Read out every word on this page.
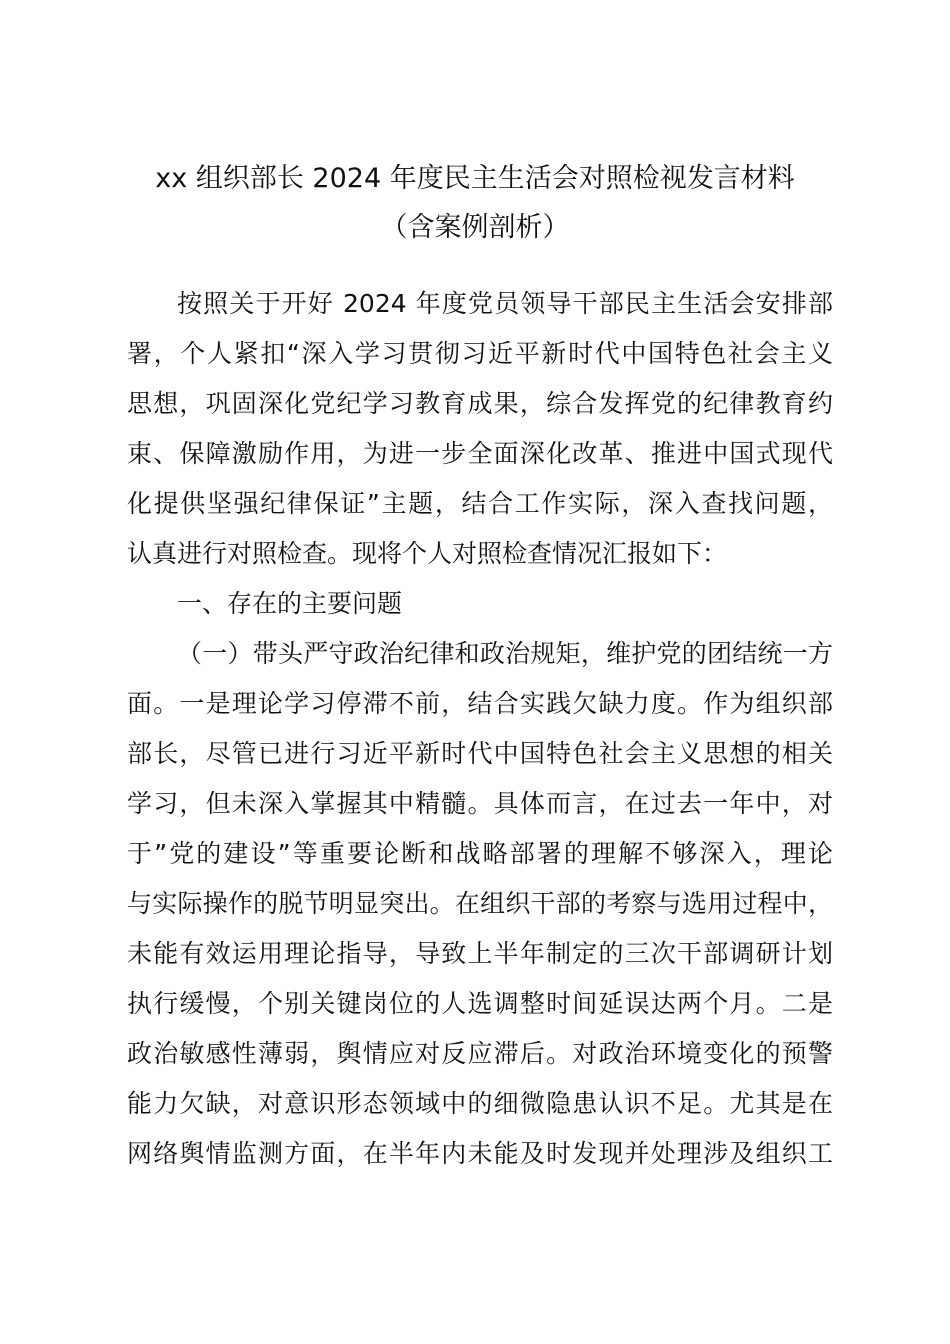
xx 组织部长 2024 年度民主生活会对照检视发言材料
（含案例剖析）
按照关于开好 2024 年度党员领导干部民主生活会安排部
署，个人紧扣“深入学习贯彻习近平新时代中国特色社会主义
思想，巩固深化党纪学习教育成果，综合发挥党的纪律教育约
束、保障激励作用，为进一步全面深化改革、推进中国式现代
化提供坚强纪律保证”主题，结合工作实际，深入查找问题，
认真进行对照检查。现将个人对照检查情况汇报如下：
一、存在的主要问题
（一）带头严守政治纪律和政治规矩，维护党的团结统一方
面。一是理论学习停滞不前，结合实践欠缺力度。作为组织部
部长，尽管已进行习近平新时代中国特色社会主义思想的相关
学习，但未深入掌握其中精髓。具体而言，在过去一年中，对
于”党的建设”等重要论断和战略部署的理解不够深入，理论
与实际操作的脱节明显突出。在组织干部的考察与选用过程中，
未能有效运用理论指导，导致上半年制定的三次干部调研计划
执行缓慢，个别关键岗位的人选调整时间延误达两个月。二是
政治敏感性薄弱，舆情应对反应滞后。对政治环境变化的预警
能力欠缺，对意识形态领域中的细微隐患认识不足。尤其是在
网络舆情监测方面，在半年内未能及时发现并处理涉及组织工
